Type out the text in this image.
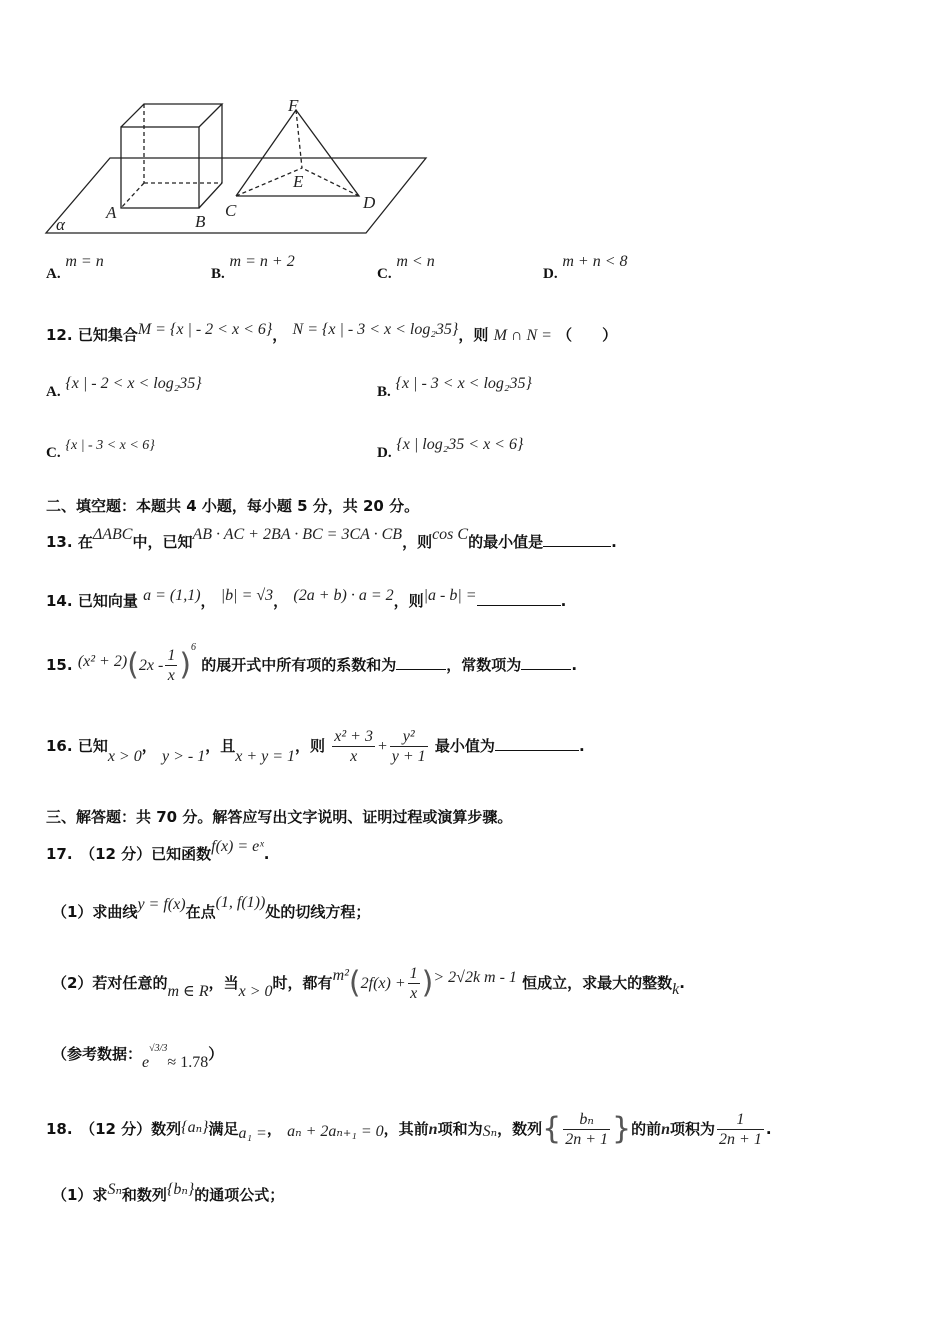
α
A	B
C	D
E
F
A. m = n
B. m = n + 2
C. m < n
D. m + n < 8
12. 已知集合M = {x | - 2 < x < 6}， N = {x | - 3 < x < log₂35}，则 M ∩ N = （　　）
A. {x | - 2 < x < log₂35}	B. {x | - 3 < x < log₂35}
C. {x | - 3 < x < 6}	D. {x | log₂35 < x < 6}
二、填空题：本题共 4 小题，每小题 5 分，共 20 分。
13. 在ΔABC中，已知AB · AC + 2BA · BC = 3CA · CB，则cos C的最小值是	.
14. 已知向量 a = (1,1)， |b| = √3， (2a + b) · a = 2，则|a - b| =	.
15. $(x^2 + 2)(2x - \frac{1}{x} )^6$ 的展开式中所有项的系数和为	，常数项为	.
16. 已知x > 0， y > - 1，且x + y = 1，则 $\frac{\text{x² + 3}}{x} + \frac{\text{y²}}{y + 1}$ 最小值为	.
三、解答题：共 70 分。解答应写出文字说明、证明过程或演算步骤。
17.　（12 分）已知函数f(x) = eˣ.
（1）求曲线y = f(x)在点(1, f(1))处的切线方程；
（2）若对任意的m ∈ R，当x > 0时，都有$m^2(2f(x) + \frac{1}{x}$ )> 2√2k m - 1 恒成立，求最大的整数k.
（参考数据：$e^{√3/3}\approx 1.78$）
18.　（12 分）数列{aₙ}满足a₁ =， aₙ + 2aₙ₊₁ = 0，其前n项和为Sₙ，数列{ $\frac{\text{bₙ}}{2n + 1}$ }的前n项积为 $\frac{1}{2n + 1}$ .
（1）求Sₙ和数列{bₙ}的通项公式；
